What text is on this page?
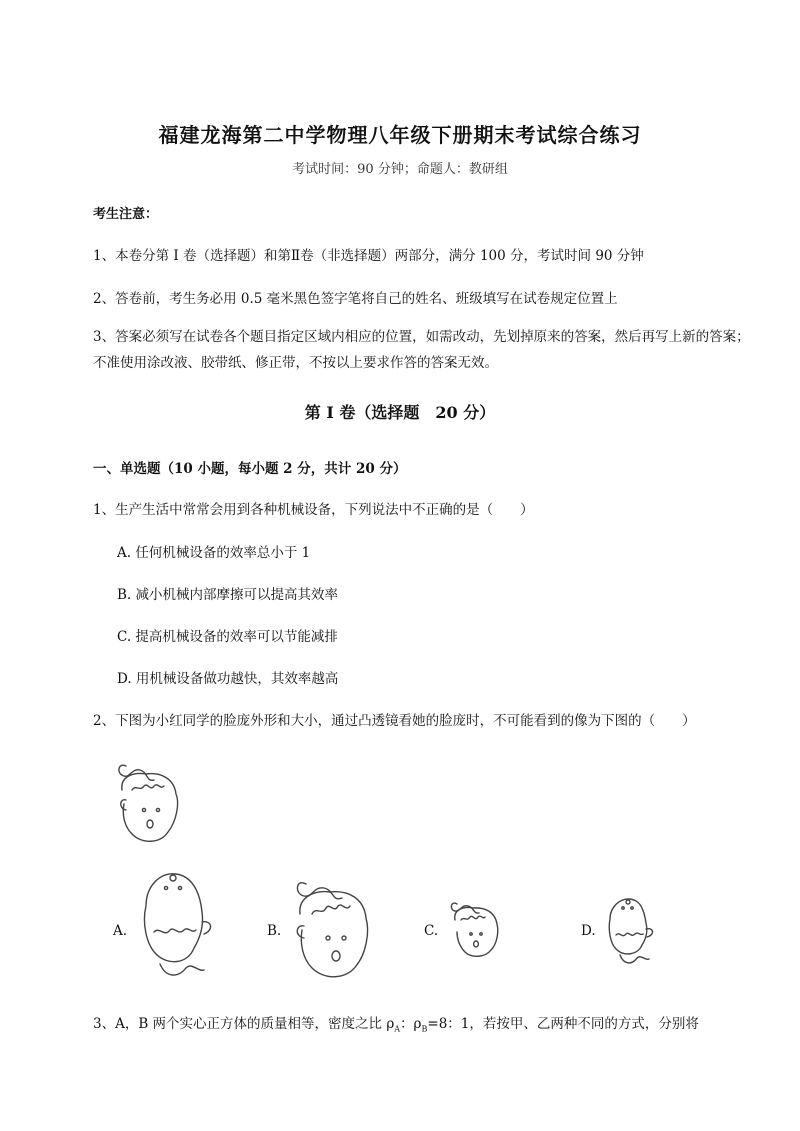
福建龙海第二中学物理八年级下册期末考试综合练习
考试时间：90 分钟；命题人：教研组
考生注意：
1、本卷分第 I 卷（选择题）和第Ⅱ卷（非选择题）两部分，满分 100 分，考试时间 90 分钟
2、答卷前，考生务必用 0.5 毫米黑色签字笔将自己的姓名、班级填写在试卷规定位置上
3、答案必须写在试卷各个题目指定区域内相应的位置，如需改动，先划掉原来的答案，然后再写上新的答案；不准使用涂改液、胶带纸、修正带，不按以上要求作答的答案无效。
第 I 卷（选择题　20 分）
一、单选题（10 小题，每小题 2 分，共计 20 分）
1、生产生活中常常会用到各种机械设备，下列说法中不正确的是（　　）
A. 任何机械设备的效率总小于 1
B. 减小机械内部摩擦可以提高其效率
C. 提高机械设备的效率可以节能减排
D. 用机械设备做功越快，其效率越高
2、下图为小红同学的脸庞外形和大小，通过凸透镜看她的脸庞时，不可能看到的像为下图的（　　）
A.	B.	C.	D.
3、A，B 两个实心正方体的质量相等，密度之比 $\rho_A$：$\rho_B=8$：1，若按甲、乙两种不同的方式，分别将
